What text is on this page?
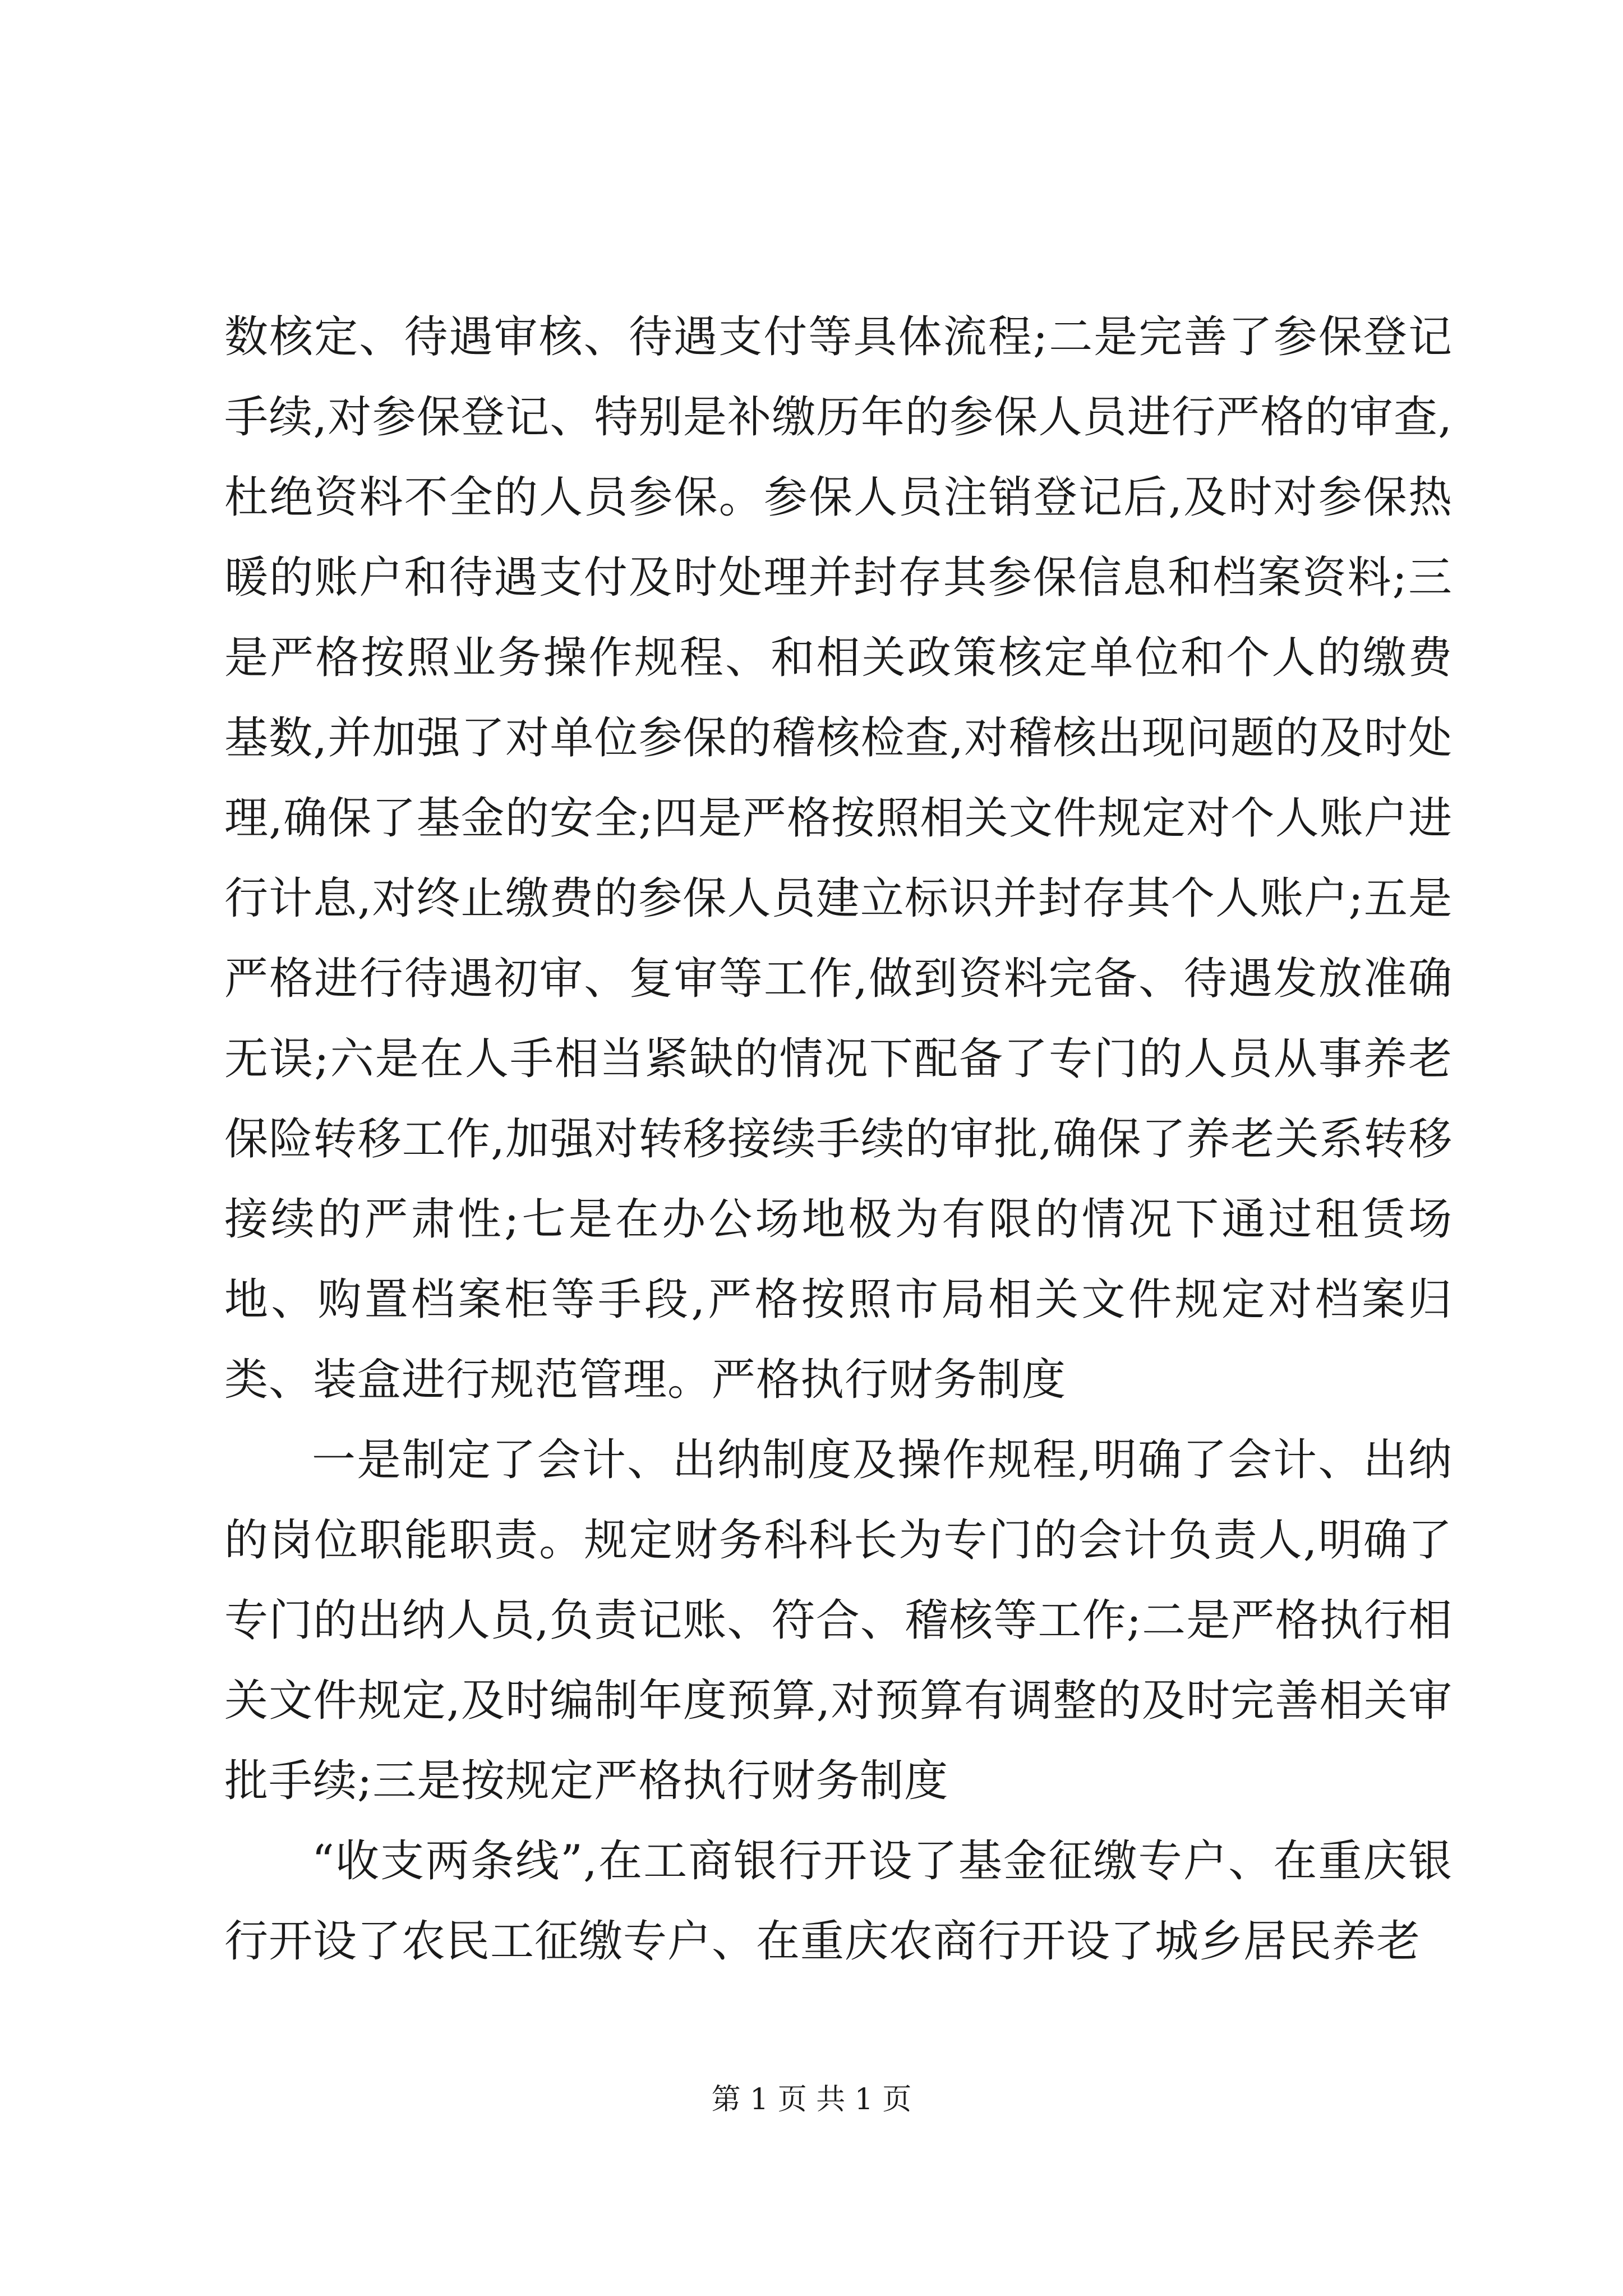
数核定、待遇审核、待遇支付等具体流程;二是完善了参保登记手续,对参保登记、特别是补缴历年的参保人员进行严格的审查,杜绝资料不全的人员参保。参保人员注销登记后,及时对参保热暖的账户和待遇支付及时处理并封存其参保信息和档案资料;三是严格按照业务操作规程、和相关政策核定单位和个人的缴费基数,并加强了对单位参保的稽核检查,对稽核出现问题的及时处理,确保了基金的安全;四是严格按照相关文件规定对个人账户进行计息,对终止缴费的参保人员建立标识并封存其个人账户;五是严格进行待遇初审、复审等工作,做到资料完备、待遇发放准确无误;六是在人手相当紧缺的情况下配备了专门的人员从事养老保险转移工作,加强对转移接续手续的审批,确保了养老关系转移接续的严肃性;七是在办公场地极为有限的情况下通过租赁场地、购置档案柜等手段,严格按照市局相关文件规定对档案归类、装盒进行规范管理。严格执行财务制度

一是制定了会计、出纳制度及操作规程,明确了会计、出纳的岗位职能职责。规定财务科科长为专门的会计负责人,明确了专门的出纳人员,负责记账、符合、稽核等工作;二是严格执行相关文件规定,及时编制年度预算,对预算有调整的及时完善相关审批手续;三是按规定严格执行财务制度

“收支两条线”,在工商银行开设了基金征缴专户、在重庆银行开设了农民工征缴专户、在重庆农商行开设了城乡居民养老

第 1 页 共 1 页
